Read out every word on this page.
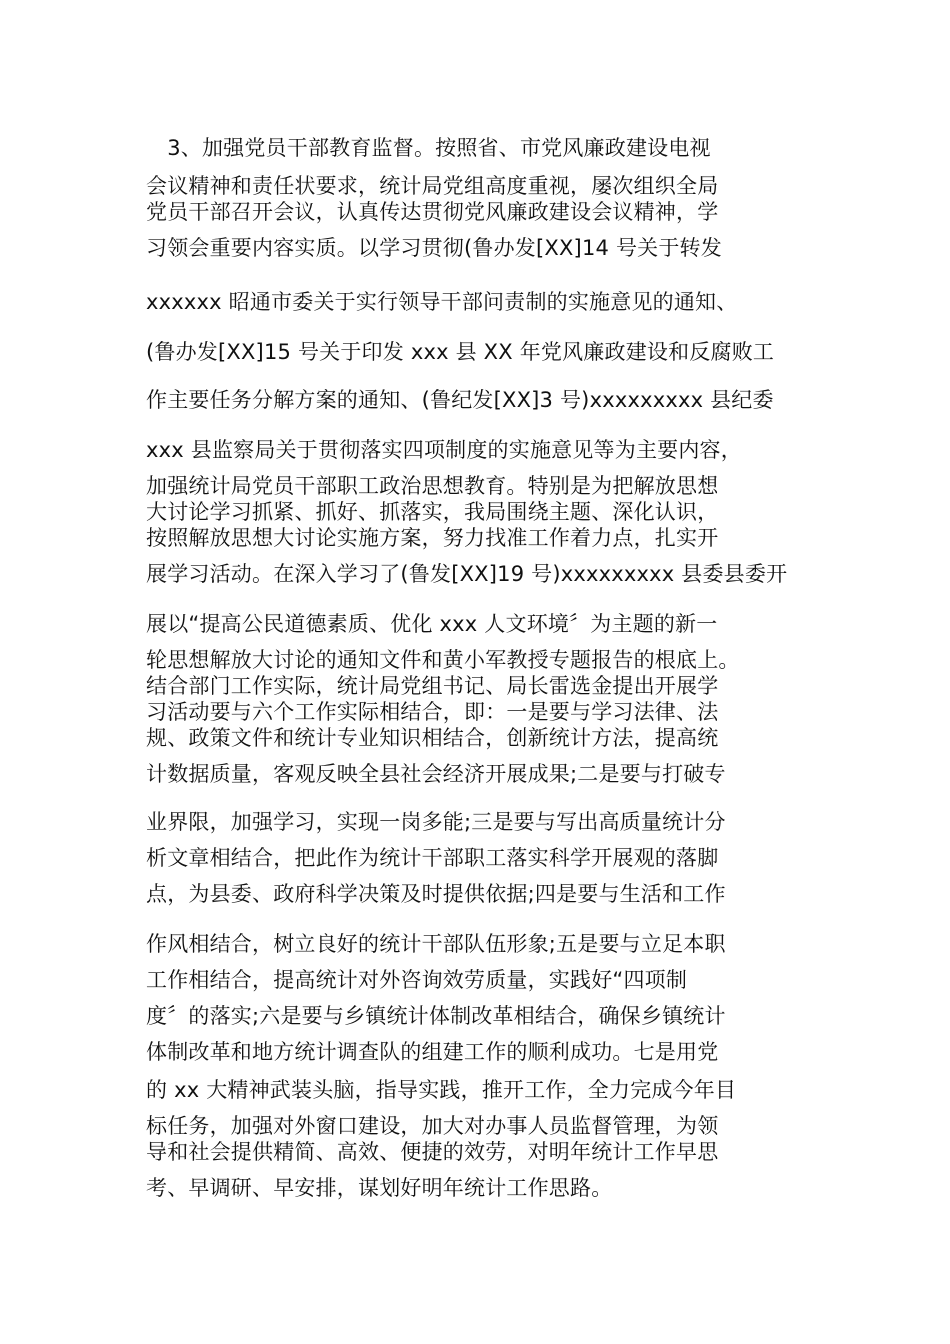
　3、加强党员干部教育监督。按照省、市党风廉政建设电视
会议精神和责任状要求，统计局党组高度重视，屡次组织全局
党员干部召开会议，认真传达贯彻党风廉政建设会议精神，学
习领会重要内容实质。以学习贯彻(鲁办发[XX]14 号关于转发
xxxxxx 昭通市委关于实行领导干部问责制的实施意见的通知、
(鲁办发[XX]15 号关于印发 xxx 县 XX 年党风廉政建设和反腐败工
作主要任务分解方案的通知、(鲁纪发[XX]3 号)xxxxxxxxx 县纪委
xxx 县监察局关于贯彻落实四项制度的实施意见等为主要内容，
加强统计局党员干部职工政治思想教育。特别是为把解放思想
大讨论学习抓紧、抓好、抓落实，我局围绕主题、深化认识，
按照解放思想大讨论实施方案，努力找准工作着力点，扎实开
展学习活动。在深入学习了(鲁发[XX]19 号)xxxxxxxxx 县委县委开
展以“提高公民道德素质、优化 xxx 人文环境〞为主题的新一
轮思想解放大讨论的通知文件和黄小军教授专题报告的根底上。
结合部门工作实际，统计局党组书记、局长雷选金提出开展学
习活动要与六个工作实际相结合，即：一是要与学习法律、法
规、政策文件和统计专业知识相结合，创新统计方法，提高统
计数据质量，客观反映全县社会经济开展成果;二是要与打破专
业界限，加强学习，实现一岗多能;三是要与写出高质量统计分
析文章相结合，把此作为统计干部职工落实科学开展观的落脚
点，为县委、政府科学决策及时提供依据;四是要与生活和工作
作风相结合，树立良好的统计干部队伍形象;五是要与立足本职
工作相结合，提高统计对外咨询效劳质量，实践好“四项制
度〞的落实;六是要与乡镇统计体制改革相结合，确保乡镇统计
体制改革和地方统计调查队的组建工作的顺利成功。七是用党
的 xx 大精神武装头脑，指导实践，推开工作，全力完成今年目
标任务，加强对外窗口建设，加大对办事人员监督管理，为领
导和社会提供精简、高效、便捷的效劳，对明年统计工作早思
考、早调研、早安排，谋划好明年统计工作思路。
